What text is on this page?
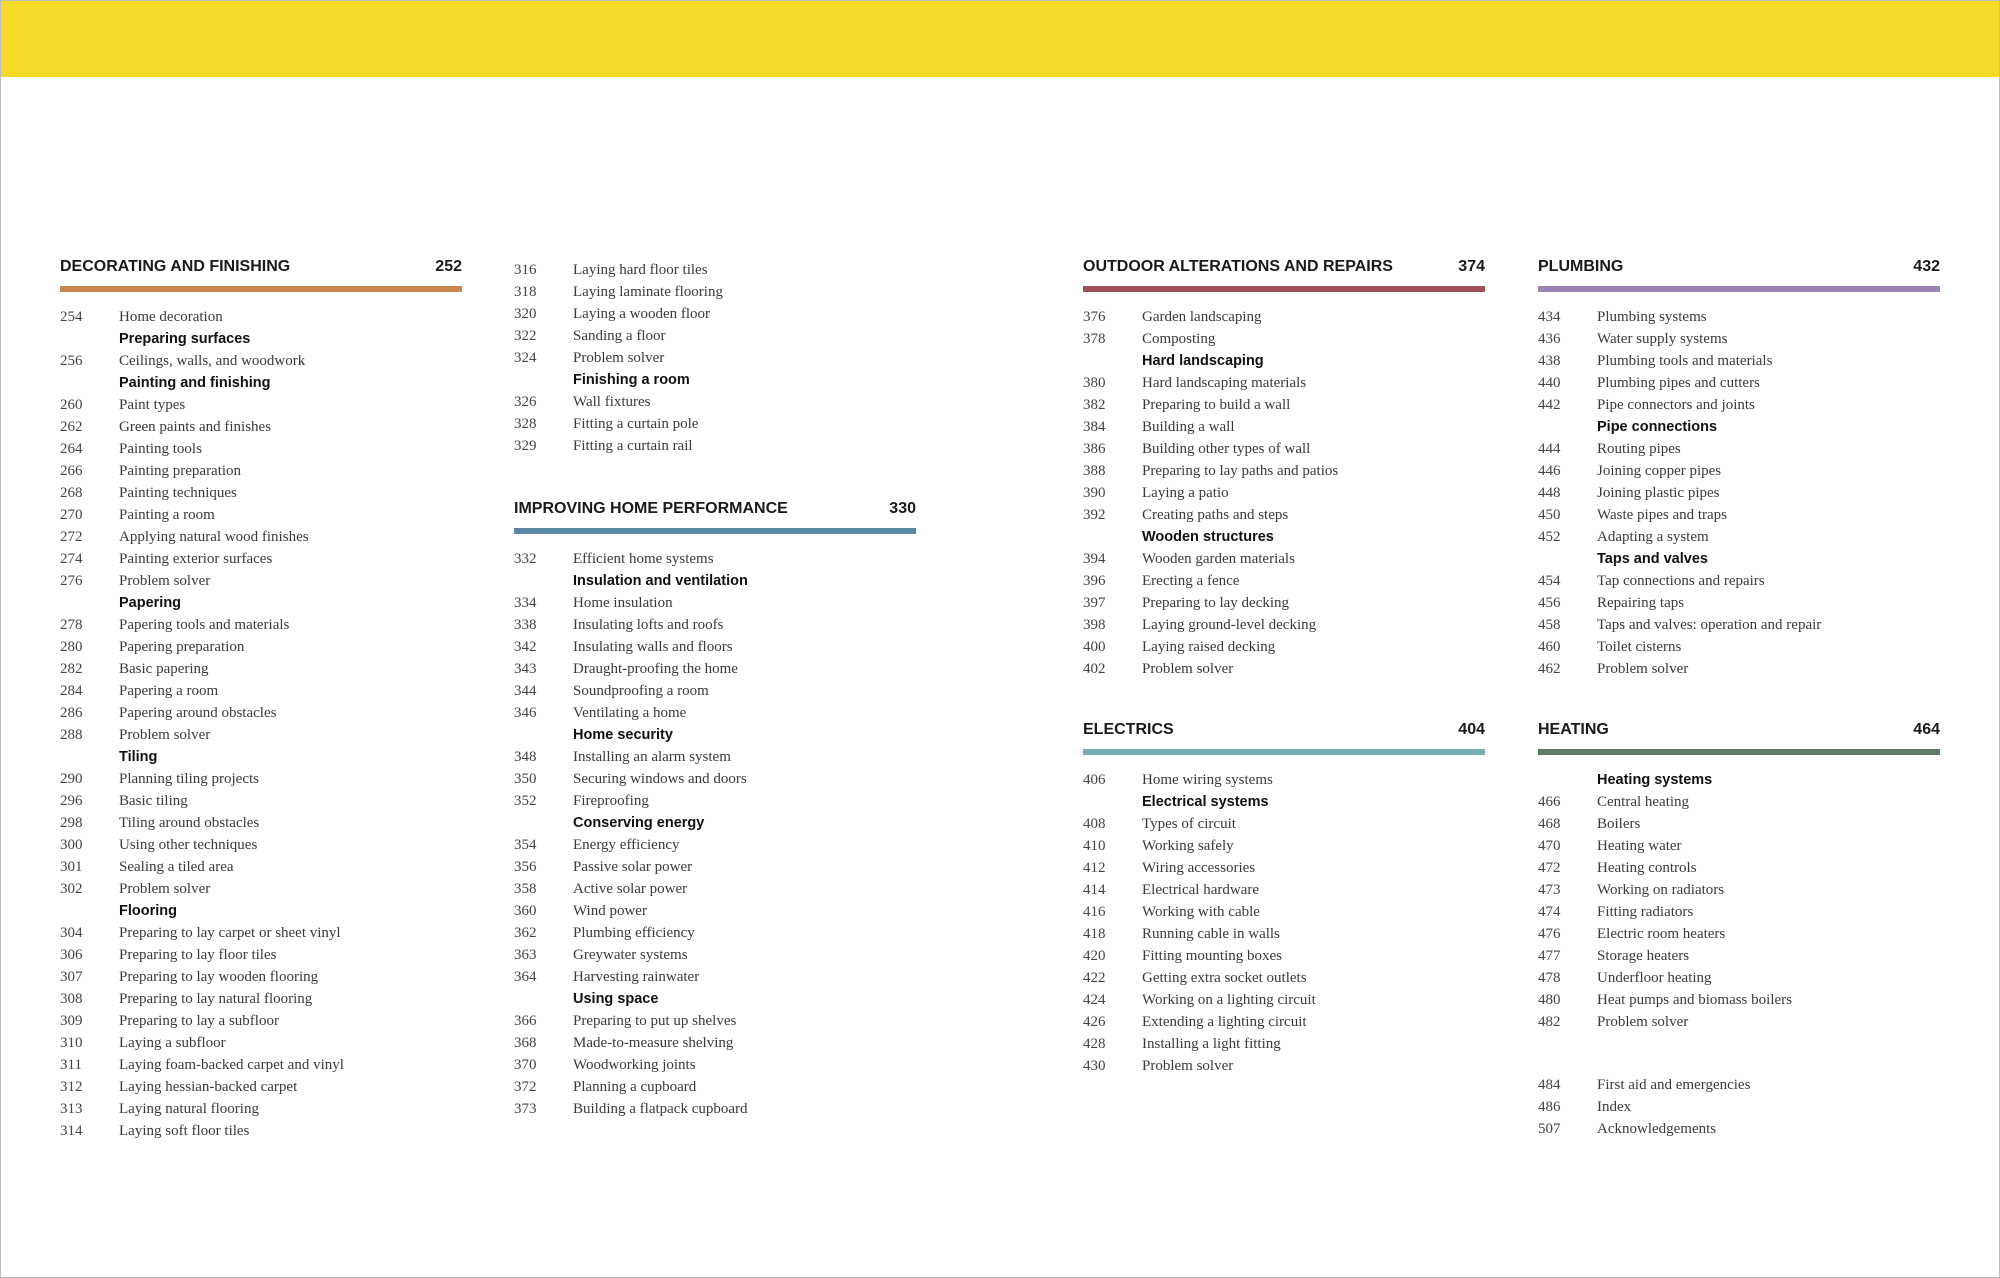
DECORATING AND FINISHING	252
254 Home decoration
Preparing surfaces
256 Ceilings, walls, and woodwork
Painting and finishing
260 Paint types
262 Green paints and finishes
264 Painting tools
266 Painting preparation
268 Painting techniques
270 Painting a room
272 Applying natural wood finishes
274 Painting exterior surfaces
276 Problem solver
Papering
278 Papering tools and materials
280 Papering preparation
282 Basic papering
284 Papering a room
286 Papering around obstacles
288 Problem solver
Tiling
290 Planning tiling projects
296 Basic tiling
298 Tiling around obstacles
300 Using other techniques
301 Sealing a tiled area
302 Problem solver
Flooring
304 Preparing to lay carpet or sheet vinyl
306 Preparing to lay floor tiles
307 Preparing to lay wooden flooring
308 Preparing to lay natural flooring
309 Preparing to lay a subfloor
310 Laying a subfloor
311 Laying foam-backed carpet and vinyl
312 Laying hessian-backed carpet
313 Laying natural flooring
314 Laying soft floor tiles
316 Laying hard floor tiles
318 Laying laminate flooring
320 Laying a wooden floor
322 Sanding a floor
324 Problem solver
Finishing a room
326 Wall fixtures
328 Fitting a curtain pole
329 Fitting a curtain rail
IMPROVING HOME PERFORMANCE	330
332 Efficient home systems
Insulation and ventilation
334 Home insulation
338 Insulating lofts and roofs
342 Insulating walls and floors
343 Draught-proofing the home
344 Soundproofing a room
346 Ventilating a home
Home security
348 Installing an alarm system
350 Securing windows and doors
352 Fireproofing
Conserving energy
354 Energy efficiency
356 Passive solar power
358 Active solar power
360 Wind power
362 Plumbing efficiency
363 Greywater systems
364 Harvesting rainwater
Using space
366 Preparing to put up shelves
368 Made-to-measure shelving
370 Woodworking joints
372 Planning a cupboard
373 Building a flatpack cupboard
OUTDOOR ALTERATIONS AND REPAIRS	374
376 Garden landscaping
378 Composting
Hard landscaping
380 Hard landscaping materials
382 Preparing to build a wall
384 Building a wall
386 Building other types of wall
388 Preparing to lay paths and patios
390 Laying a patio
392 Creating paths and steps
Wooden structures
394 Wooden garden materials
396 Erecting a fence
397 Preparing to lay decking
398 Laying ground-level decking
400 Laying raised decking
402 Problem solver
ELECTRICS	404
406 Home wiring systems
Electrical systems
408 Types of circuit
410 Working safely
412 Wiring accessories
414 Electrical hardware
416 Working with cable
418 Running cable in walls
420 Fitting mounting boxes
422 Getting extra socket outlets
424 Working on a lighting circuit
426 Extending a lighting circuit
428 Installing a light fitting
430 Problem solver
PLUMBING	432
434 Plumbing systems
436 Water supply systems
438 Plumbing tools and materials
440 Plumbing pipes and cutters
442 Pipe connectors and joints
Pipe connections
444 Routing pipes
446 Joining copper pipes
448 Joining plastic pipes
450 Waste pipes and traps
452 Adapting a system
Taps and valves
454 Tap connections and repairs
456 Repairing taps
458 Taps and valves: operation and repair
460 Toilet cisterns
462 Problem solver
HEATING	464
Heating systems
466 Central heating
468 Boilers
470 Heating water
472 Heating controls
473 Working on radiators
474 Fitting radiators
476 Electric room heaters
477 Storage heaters
478 Underfloor heating
480 Heat pumps and biomass boilers
482 Problem solver
484 First aid and emergencies
486 Index
507 Acknowledgements
